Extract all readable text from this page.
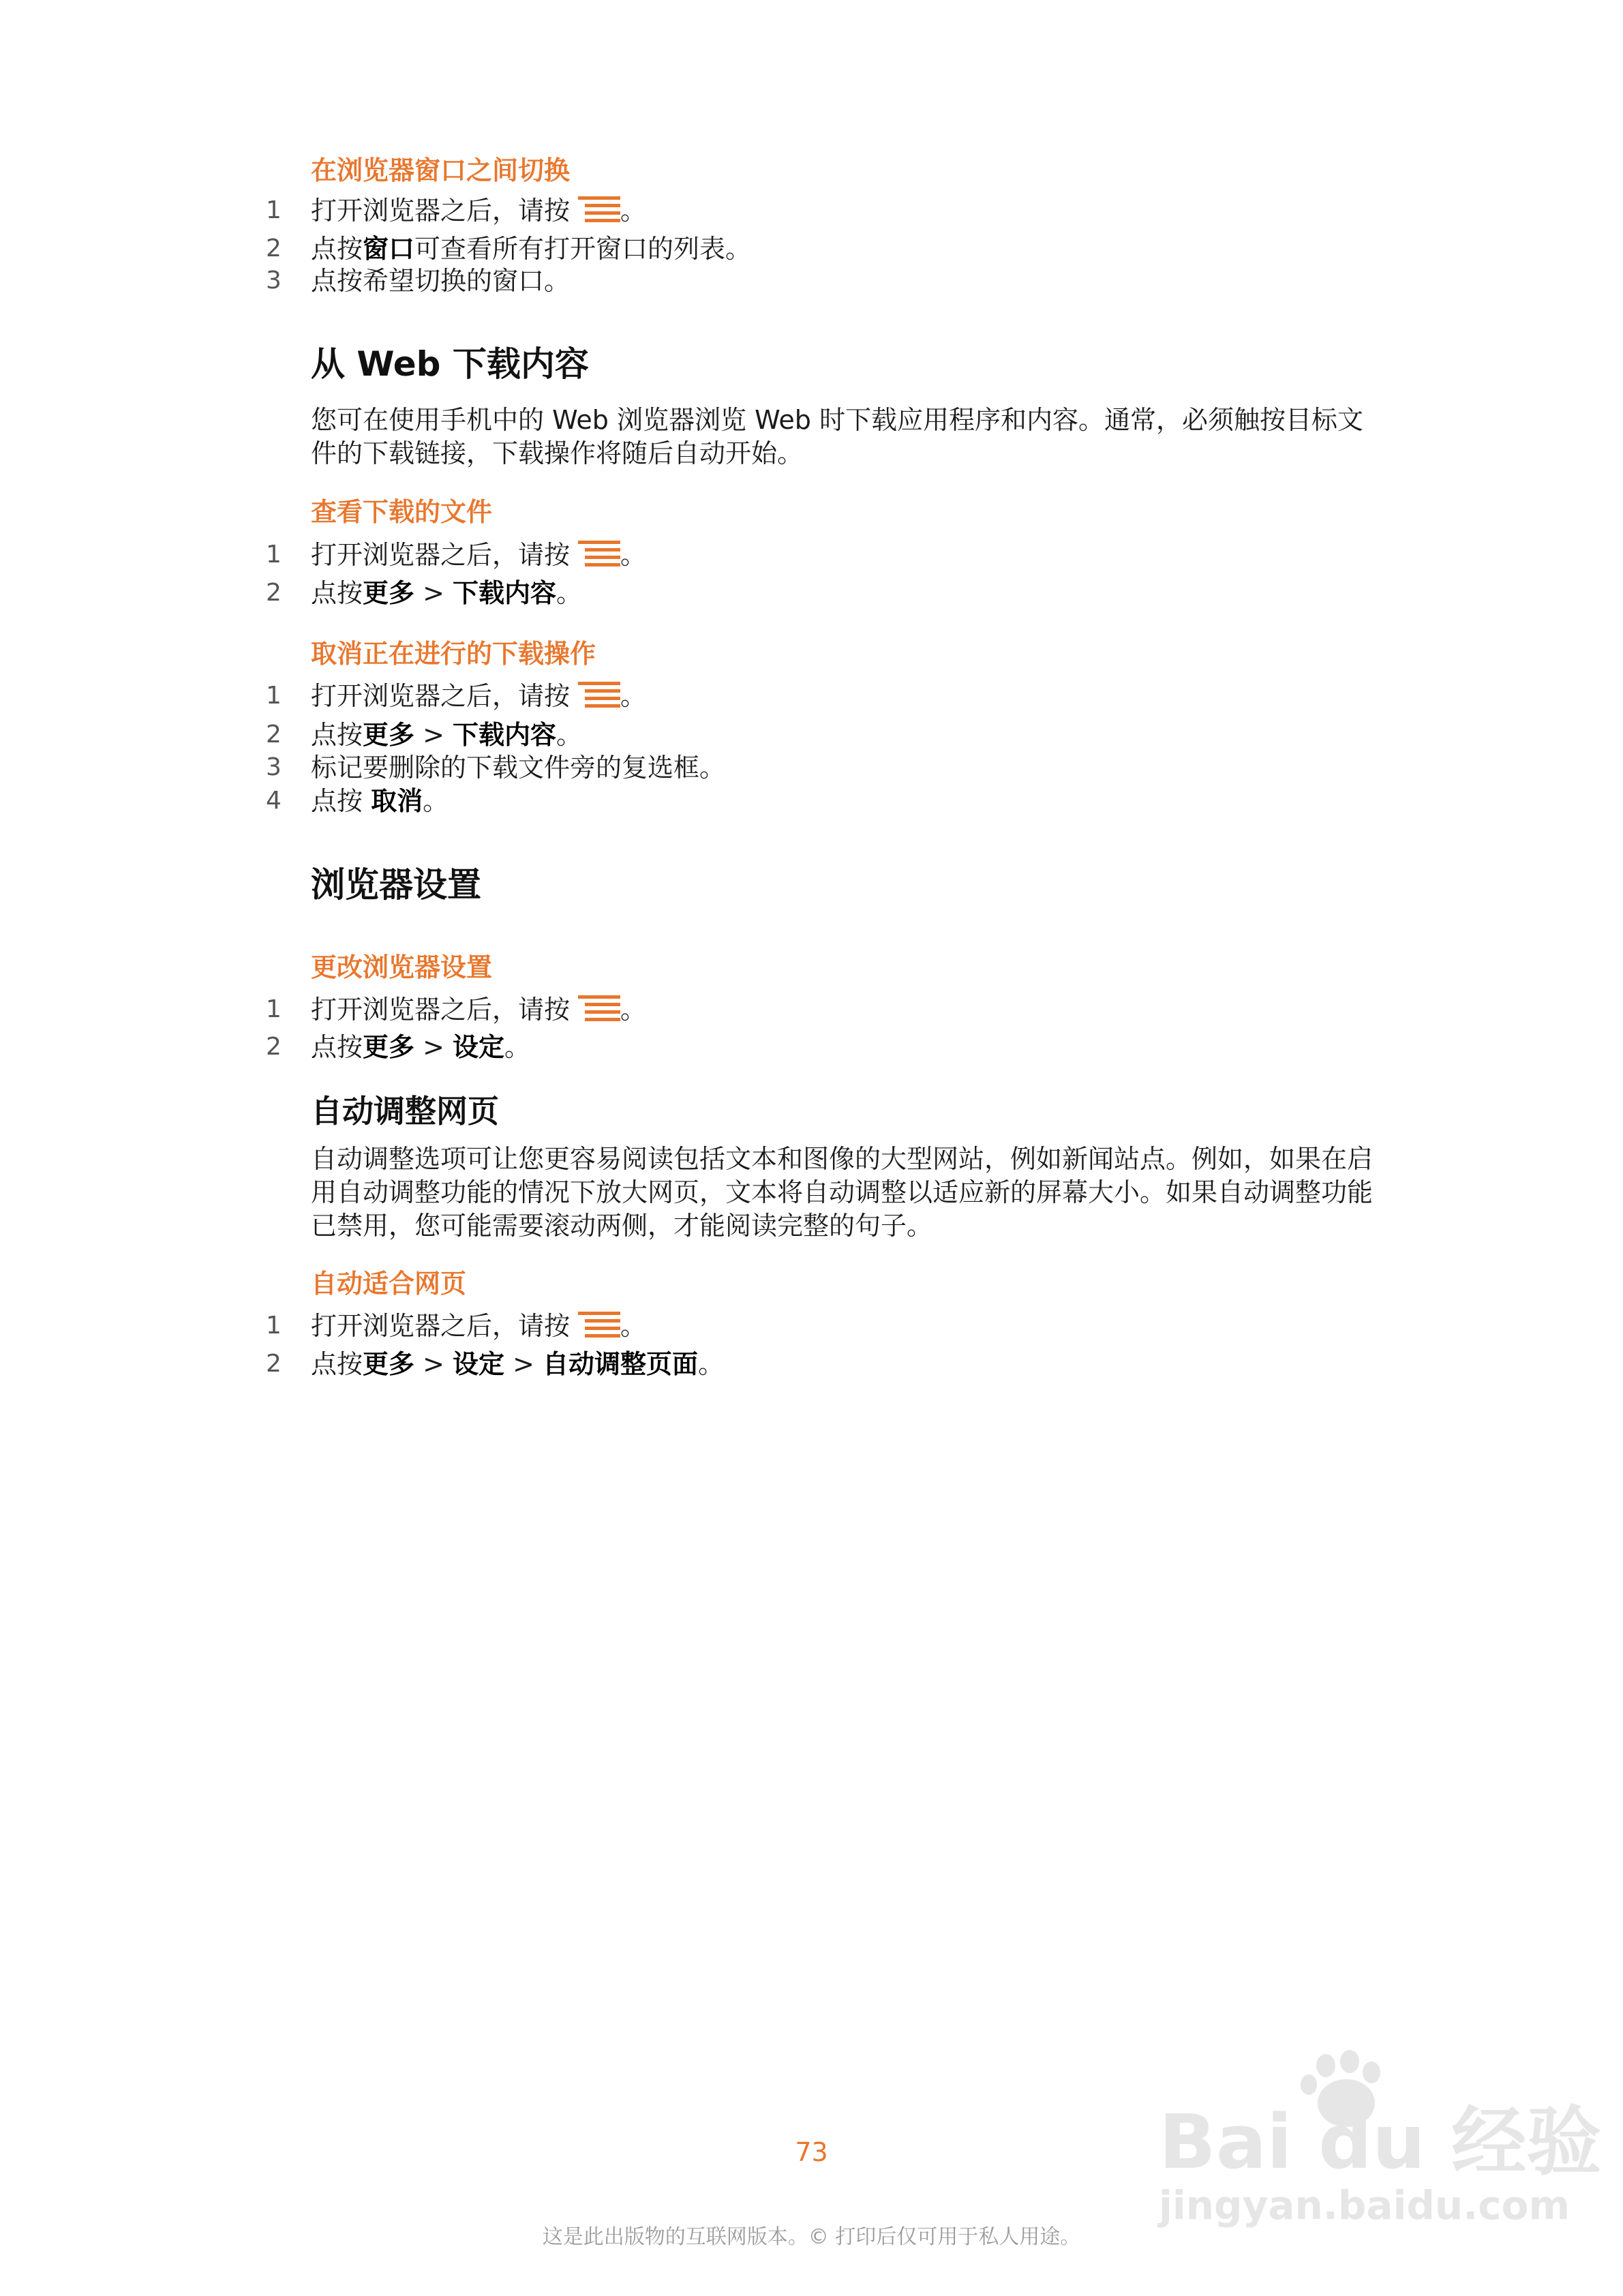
在浏览器窗口之间切换
1 打开浏览器之后，请按 。
2 点按窗口可查看所有打开窗口的列表。
3 点按希望切换的窗口。
从 Web 下载内容
您可在使用手机中的 Web 浏览器浏览 Web 时下载应用程序和内容。通常，必须触按目标文件的下载链接，下载操作将随后自动开始。
查看下载的文件
1 打开浏览器之后，请按 。
2 点按更多 > 下载内容。
取消正在进行的下载操作
1 打开浏览器之后，请按 。
2 点按更多 > 下载内容。
3 标记要删除的下载文件旁的复选框。
4 点按 取消。
浏览器设置
更改浏览器设置
1 打开浏览器之后，请按 。
2 点按更多 > 设定。
自动调整网页
自动调整选项可让您更容易阅读包括文本和图像的大型网站，例如新闻站点。例如，如果在启用自动调整功能的情况下放大网页，文本将自动调整以适应新的屏幕大小。如果自动调整功能已禁用，您可能需要滚动两侧，才能阅读完整的句子。
自动适合网页
1 打开浏览器之后，请按 。
2 点按更多 > 设定 > 自动调整页面。
Bai du 经验
jingyan.baidu.com
73
这是此出版物的互联网版本。© 打印后仅可用于私人用途。
